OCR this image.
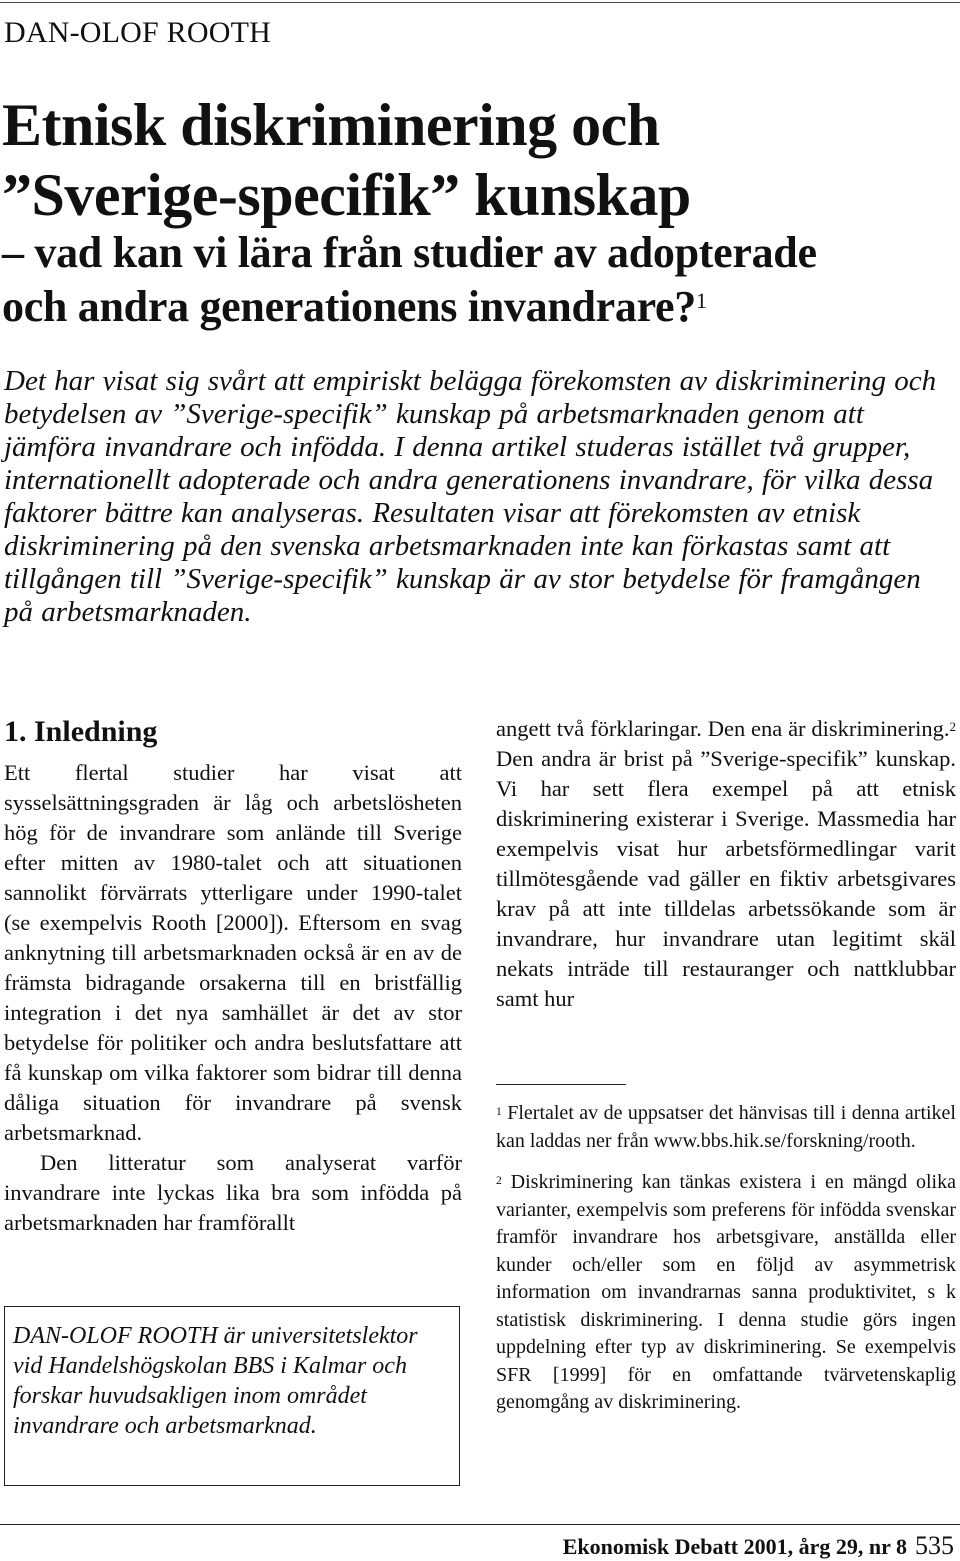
DAN-OLOF ROOTH
Etnisk diskriminering och
”Sverige-specifik” kunskap
– vad kan vi lära från studier av adopterade
och andra generationens invandrare?$^1$

Det har visat sig svårt att empiriskt belägga förekomsten av diskriminering och betydelsen av ”Sverige-specifik” kunskap på arbetsmarknaden genom att jämföra invandrare och infödda. I denna artikel studeras istället två grupper, internationellt adopterade och andra generationens invandrare, för vilka dessa faktorer bättre kan analyseras. Resultaten visar att förekomsten av etnisk diskriminering på den svenska arbetsmarknaden inte kan förkastas samt att tillgången till ”Sverige-specifik” kunskap är av stor betydelse för framgången på arbetsmarknaden.

1. Inledning

Ett flertal studier har visat att sysselsättningsgraden är låg och arbetslösheten hög för de invandrare som anlände till Sverige efter mitten av 1980-talet och att situationen sannolikt förvärrats ytterligare under 1990-talet (se exempelvis Rooth [2000]). Eftersom en svag anknytning till arbetsmarknaden också är en av de främsta bidragande orsakerna till en bristfällig integration i det nya samhället är det av stor betydelse för politiker och andra beslutsfattare att få kunskap om vilka faktorer som bidrar till denna dåliga situation för invandrare på svensk arbetsmarknad.

Den litteratur som analyserat varför invandrare inte lyckas lika bra som infödda på arbetsmarknaden har framförallt

DAN-OLOF ROOTH är universitetslektor vid Handelshögskolan BBS i Kalmar och forskar huvudsakligen inom området invandrare och arbetsmarknad.

angett två förklaringar. Den ena är diskriminering.$^2$ Den andra är brist på ”Sverige-specifik” kunskap. Vi har sett flera exempel på att etnisk diskriminering existerar i Sverige. Massmedia har exempelvis visat hur arbetsförmedlingar varit tillmötesgående vad gäller en fiktiv arbetsgivares krav på att inte tilldelas arbetssökande som är invandrare, hur invandrare utan legitimt skäl nekats inträde till restauranger och nattklubbar samt hur

$^1$ Flertalet av de uppsatser det hänvisas till i denna artikel kan laddas ner från www.bbs.hik.se/forskning/rooth.

$^2$ Diskriminering kan tänkas existera i en mängd olika varianter, exempelvis som preferens för infödda svenskar framför invandrare hos arbetsgivare, anställda eller kunder och/eller som en följd av asymmetrisk information om invandrarnas sanna produktivitet, s k statistisk diskriminering. I denna studie görs ingen uppdelning efter typ av diskriminering. Se exempelvis SFR [1999] för en omfattande tvärvetenskaplig genomgång av diskriminering.

Ekonomisk Debatt 2001, årg 29, nr 8 535
